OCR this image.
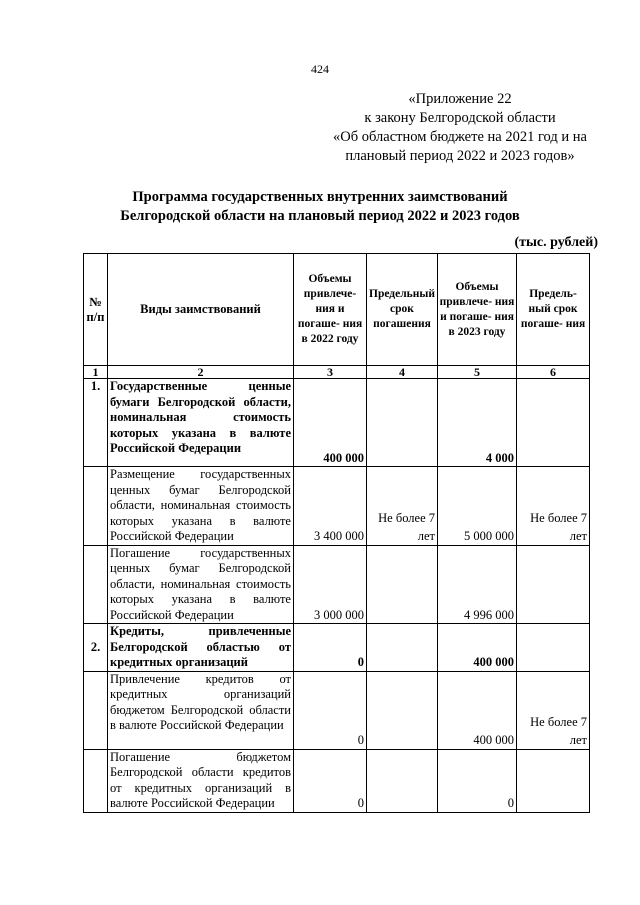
424
«Приложение 22
к закону Белгородской области
«Об областном бюджете на 2021 год и на
плановый период 2022 и 2023 годов»
Программа государственных внутренних заимствований
Белгородской области на плановый период 2022 и 2023 годов
(тыс. рублей)
№ п/п	Виды заимствований	Объемы привлече- ния и погаше- ния в 2022 году	Предельный срок погашения	Объемы привлече- ния и погаше- ния в 2023 году	Предель- ный срок погаше- ния
1	2	3	4	5	6
1.	Государственные ценные бумаги Белгородской области, номинальная стоимость которых указана в валюте Российской Федерации	400 000		4 000	
	Размещение государственных ценных бумаг Белгородской области, номинальная стоимость которых указана в валюте Российской Федерации	3 400 000	Не более 7 лет	5 000 000	Не более 7 лет
	Погашение государственных ценных бумаг Белгородской области, номинальная стоимость которых указана в валюте Российской Федерации	3 000 000		4 996 000	
2.	Кредиты, привлеченные Белгородской областью от кредитных организаций	0		400 000	
	Привлечение кредитов от кредитных организаций бюджетом Белгородской области в валюте Российской Федерации	0		400 000	Не более 7 лет
	Погашение бюджетом Белгородской области кредитов от кредитных организаций в валюте Российской Федерации	0		0	
